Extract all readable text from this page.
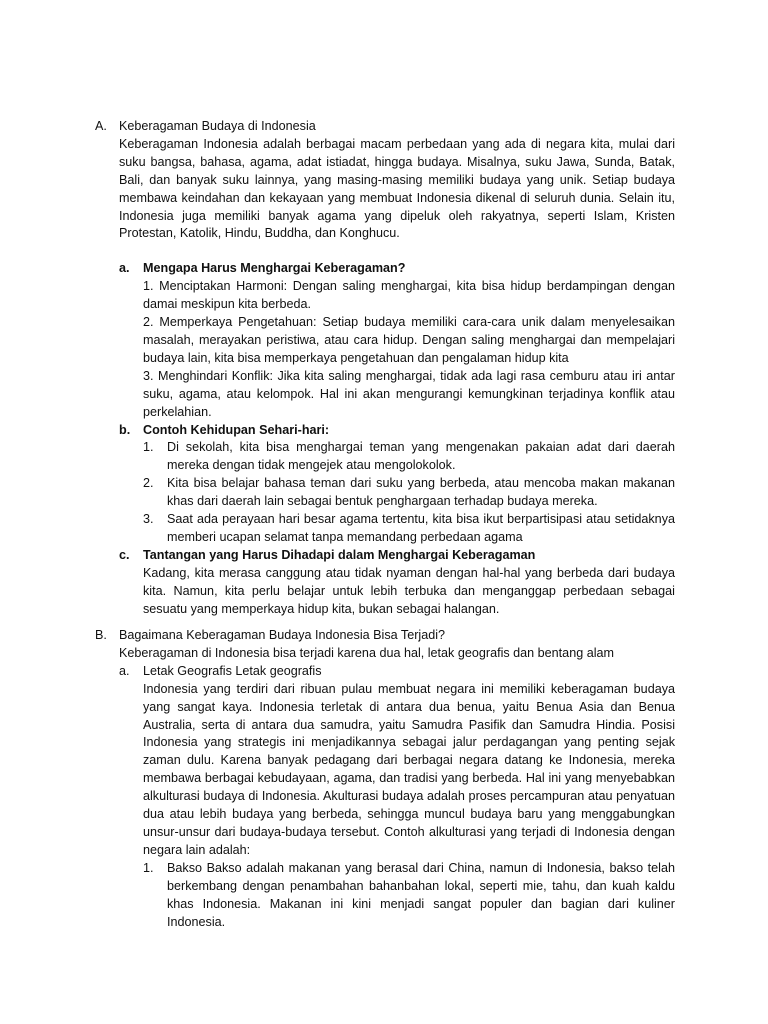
A. Keberagaman Budaya di Indonesia
Keberagaman Indonesia adalah berbagai macam perbedaan yang ada di negara kita, mulai dari suku bangsa, bahasa, agama, adat istiadat, hingga budaya. Misalnya, suku Jawa, Sunda, Batak, Bali, dan banyak suku lainnya, yang masing-masing memiliki budaya yang unik. Setiap budaya membawa keindahan dan kekayaan yang membuat Indonesia dikenal di seluruh dunia. Selain itu, Indonesia juga memiliki banyak agama yang dipeluk oleh rakyatnya, seperti Islam, Kristen Protestan, Katolik, Hindu, Buddha, dan Konghucu.
a.	Mengapa Harus Menghargai Keberagaman?
1. Menciptakan Harmoni: Dengan saling menghargai, kita bisa hidup berdampingan dengan damai meskipun kita berbeda.
2. Memperkaya Pengetahuan: Setiap budaya memiliki cara-cara unik dalam menyelesaikan masalah, merayakan peristiwa, atau cara hidup. Dengan saling menghargai dan mempelajari budaya lain, kita bisa memperkaya pengetahuan dan pengalaman hidup kita
3. Menghindari Konflik: Jika kita saling menghargai, tidak ada lagi rasa cemburu atau iri antar suku, agama, atau kelompok. Hal ini akan mengurangi kemungkinan terjadinya konflik atau perkelahian.
b.	Contoh Kehidupan Sehari-hari:
1.	Di sekolah, kita bisa menghargai teman yang mengenakan pakaian adat dari daerah mereka dengan tidak mengejek atau mengolokolok.
2.	Kita bisa belajar bahasa teman dari suku yang berbeda, atau mencoba makan makanan khas dari daerah lain sebagai bentuk penghargaan terhadap budaya mereka.
3.	Saat ada perayaan hari besar agama tertentu, kita bisa ikut berpartisipasi atau setidaknya memberi ucapan selamat tanpa memandang perbedaan agama
c.	Tantangan yang Harus Dihadapi dalam Menghargai Keberagaman
Kadang, kita merasa canggung atau tidak nyaman dengan hal-hal yang berbeda dari budaya kita. Namun, kita perlu belajar untuk lebih terbuka dan menganggap perbedaan sebagai sesuatu yang memperkaya hidup kita, bukan sebagai halangan.
B. Bagaimana Keberagaman Budaya Indonesia Bisa Terjadi?
Keberagaman di Indonesia bisa terjadi karena dua hal, letak geografis dan bentang alam
a.	Letak Geografis Letak geografis
Indonesia yang terdiri dari ribuan pulau membuat negara ini memiliki keberagaman budaya yang sangat kaya. Indonesia terletak di antara dua benua, yaitu Benua Asia dan Benua Australia, serta di antara dua samudra, yaitu Samudra Pasifik dan Samudra Hindia. Posisi Indonesia yang strategis ini menjadikannya sebagai jalur perdagangan yang penting sejak zaman dulu. Karena banyak pedagang dari berbagai negara datang ke Indonesia, mereka membawa berbagai kebudayaan, agama, dan tradisi yang berbeda. Hal ini yang menyebabkan alkulturasi budaya di Indonesia. Akulturasi budaya adalah proses percampuran atau penyatuan dua atau lebih budaya yang berbeda, sehingga muncul budaya baru yang menggabungkan unsur-unsur dari budaya-budaya tersebut. Contoh alkulturasi yang terjadi di Indonesia dengan negara lain adalah:
1.	Bakso Bakso adalah makanan yang berasal dari China, namun di Indonesia, bakso telah berkembang dengan penambahan bahanbahan lokal, seperti mie, tahu, dan kuah kaldu khas Indonesia. Makanan ini kini menjadi sangat populer dan bagian dari kuliner Indonesia.
